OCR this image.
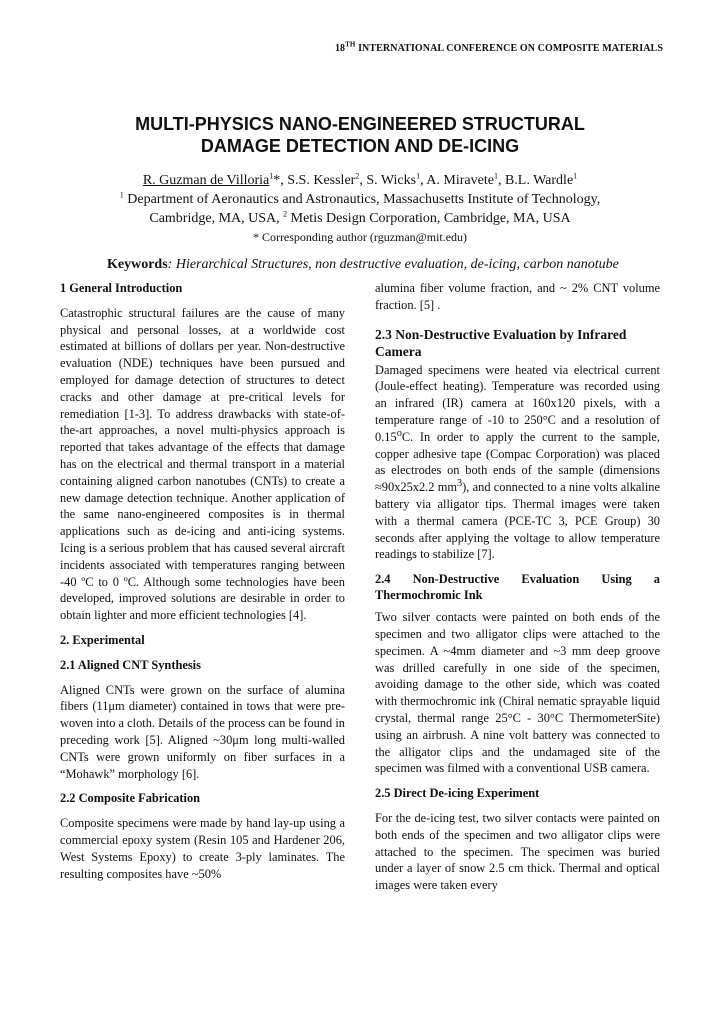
18TH INTERNATIONAL CONFERENCE ON COMPOSITE MATERIALS
MULTI-PHYSICS NANO-ENGINEERED STRUCTURAL
DAMAGE DETECTION AND DE-ICING
R. Guzman de Villoria$^1$*, S.S. Kessler$^2$, S. Wicks$^1$, A. Miravete$^1$, B.L. Wardle$^1$
$^1$ Department of Aeronautics and Astronautics, Massachusetts Institute of Technology,
Cambridge, MA, USA, $^2$ Metis Design Corporation, Cambridge, MA, USA
* Corresponding author (rguzman@mit.edu)
Keywords: Hierarchical Structures, non destructive evaluation, de-icing, carbon nanotube
1 General Introduction

Catastrophic structural failures are the cause of many physical and personal losses, at a worldwide cost estimated at billions of dollars per year. Non-destructive evaluation (NDE) techniques have been pursued and employed for damage detection of structures to detect cracks and other damage at pre-critical levels for remediation [1-3]. To address drawbacks with state-of-the-art approaches, a novel multi-physics approach is reported that takes advantage of the effects that damage has on the electrical and thermal transport in a material containing aligned carbon nanotubes (CNTs) to create a new damage detection technique. Another application of the same nano-engineered composites is in thermal applications such as de-icing and anti-icing systems. Icing is a serious problem that has caused several aircraft incidents associated with temperatures ranging between -40 ºC to 0 ºC. Although some technologies have been developed, improved solutions are desirable in order to obtain lighter and more efficient technologies [4].

2. Experimental
2.1 Aligned CNT Synthesis

Aligned CNTs were grown on the surface of alumina fibers (11μm diameter) contained in tows that were pre-woven into a cloth. Details of the process can be found in preceding work [5]. Aligned ~30μm long multi-walled CNTs were grown uniformly on fiber surfaces in a “Mohawk” morphology [6].

2.2 Composite Fabrication

Composite specimens were made by hand lay-up using a commercial epoxy system (Resin 105 and Hardener 206, West Systems Epoxy) to create 3-ply laminates. The resulting composites have ~50%

alumina fiber volume fraction, and ~ 2% CNT volume fraction. [5] .

2.3 Non-Destructive Evaluation by Infrared Camera

Damaged specimens were heated via electrical current (Joule-effect heating). Temperature was recorded using an infrared (IR) camera at 160x120 pixels, with a temperature range of -10 to 250°C and a resolution of 0.15$^o$C. In order to apply the current to the sample, copper adhesive tape (Compac Corporation) was placed as electrodes on both ends of the sample (dimensions ≈90x25x2.2 $mm^3$), and connected to a nine volts alkaline battery via alligator tips. Thermal images were taken with a thermal camera (PCE-TC 3, PCE Group) 30 seconds after applying the voltage to allow temperature readings to stabilize [7].

2.4 Non-Destructive Evaluation Using a Thermochromic Ink

Two silver contacts were painted on both ends of the specimen and two alligator clips were attached to the specimen. A ~4mm diameter and ~3 mm deep groove was drilled carefully in one side of the specimen, avoiding damage to the other side, which was coated with thermochromic ink (Chiral nematic sprayable liquid crystal, thermal range 25°C - 30°C ThermometerSite) using an airbrush. A nine volt battery was connected to the alligator clips and the undamaged site of the specimen was filmed with a conventional USB camera.

2.5 Direct De-icing Experiment

For the de-icing test, two silver contacts were painted on both ends of the specimen and two alligator clips were attached to the specimen. The specimen was buried under a layer of snow 2.5 cm thick. Thermal and optical images were taken every
